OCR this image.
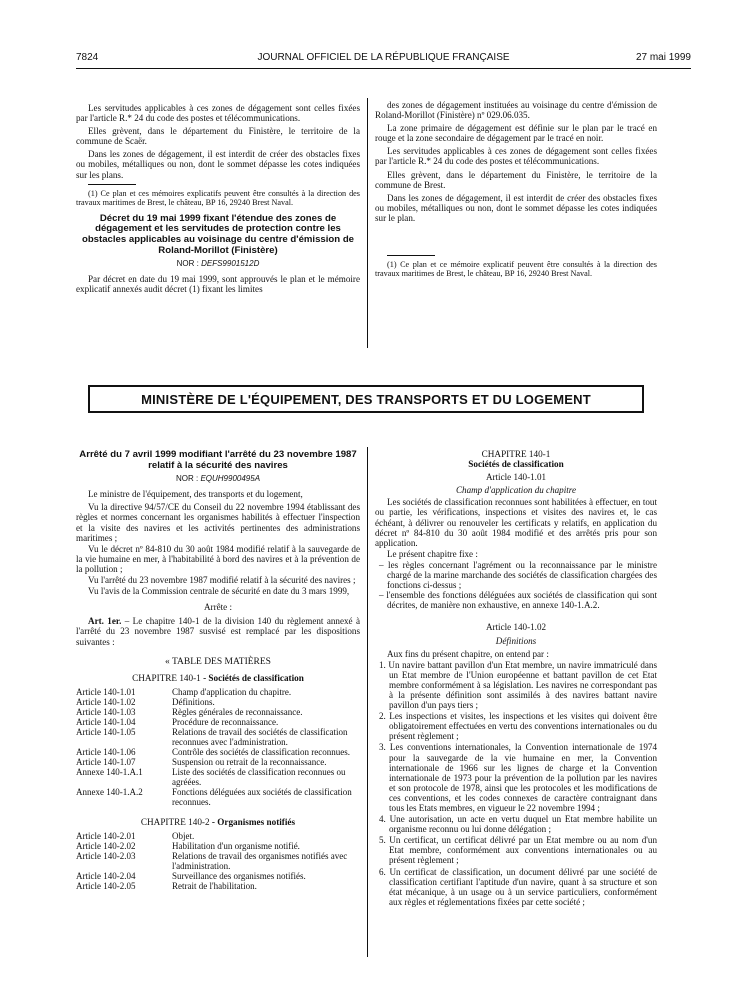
7824	JOURNAL OFFICIEL DE LA RÉPUBLIQUE FRANÇAISE	27 mai 1999

Les servitudes applicables à ces zones de dégagement sont celles fixées par l'article R.* 24 du code des postes et télécommunications.

Elles grèvent, dans le département du Finistère, le territoire de la commune de Scaër.

Dans les zones de dégagement, il est interdit de créer des obstacles fixes ou mobiles, métalliques ou non, dont le sommet dépasse les cotes indiquées sur les plans.

(1) Ce plan et ces mémoires explicatifs peuvent être consultés à la direction des travaux maritimes de Brest, le château, BP 16, 29240 Brest Naval.

Décret du 19 mai 1999 fixant l'étendue des zones de dégagement et les servitudes de protection contre les obstacles applicables au voisinage du centre d'émission de Roland-Morillot (Finistère)
NOR : DEFS9901512D

Par décret en date du 19 mai 1999, sont approuvés le plan et le mémoire explicatif annexés audit décret (1) fixant les limites

des zones de dégagement instituées au voisinage du centre d'émission de Roland-Morillot (Finistère) nº 029.06.035.

La zone primaire de dégagement est définie sur le plan par le tracé en rouge et la zone secondaire de dégagement par le tracé en noir.

Les servitudes applicables à ces zones de dégagement sont celles fixées par l'article R.* 24 du code des postes et télécommunications.

Elles grèvent, dans le département du Finistère, le territoire de la commune de Brest.

Dans les zones de dégagement, il est interdit de créer des obstacles fixes ou mobiles, métalliques ou non, dont le sommet dépasse les cotes indiquées sur le plan.

(1) Ce plan et ce mémoire explicatif peuvent être consultés à la direction des travaux maritimes de Brest, le château, BP 16, 29240 Brest Naval.

MINISTÈRE DE L'ÉQUIPEMENT, DES TRANSPORTS ET DU LOGEMENT
Arrêté du 7 avril 1999 modifiant l'arrêté du 23 novembre 1987 relatif à la sécurité des navires
NOR : EQUH9900495A

Le ministre de l'équipement, des transports et du logement,

Vu la directive 94/57/CE du Conseil du 22 novembre 1994 établissant des règles et normes concernant les organismes habilités à effectuer l'inspection et la visite des navires et les activités pertinentes des administrations maritimes ;

Vu le décret nº 84-810 du 30 août 1984 modifié relatif à la sauvegarde de la vie humaine en mer, à l'habitabilité à bord des navires et à la prévention de la pollution ;

Vu l'arrêté du 23 novembre 1987 modifié relatif à la sécurité des navires ;

Vu l'avis de la Commission centrale de sécurité en date du 3 mars 1999,

Arrête :

Art. 1er. – Le chapitre 140-1 de la division 140 du règlement annexé à l'arrêté du 23 novembre 1987 susvisé est remplacé par les dispositions suivantes :

« TABLE DES MATIÈRES

CHAPITRE 140-1 - Sociétés de classification

Article 140-1.01	Champ d'application du chapitre.
Article 140-1.02	Définitions.
Article 140-1.03	Règles générales de reconnaissance.
Article 140-1.04	Procédure de reconnaissance.
Article 140-1.05	Relations de travail des sociétés de classification reconnues avec l'administration.
Article 140-1.06	Contrôle des sociétés de classification reconnues.
Article 140-1.07	Suspension ou retrait de la reconnaissance.
Annexe 140-1.A.1	Liste des sociétés de classification reconnues ou agréées.
Annexe 140-1.A.2	Fonctions déléguées aux sociétés de classification reconnues.

CHAPITRE 140-2 - Organismes notifiés

Article 140-2.01	Objet.
Article 140-2.02	Habilitation d'un organisme notifié.
Article 140-2.03	Relations de travail des organismes notifiés avec l'administration.
Article 140-2.04	Surveillance des organismes notifiés.
Article 140-2.05	Retrait de l'habilitation.

CHAPITRE 140-1

Sociétés de classification

Article 140-1.01

Champ d'application du chapitre

Les sociétés de classification reconnues sont habilitées à effectuer, en tout ou partie, les vérifications, inspections et visites des navires et, le cas échéant, à délivrer ou renouveler les certificats y relatifs, en application du décret nº 84-810 du 30 août 1984 modifié et des arrêtés pris pour son application.

Le présent chapitre fixe :

– les règles concernant l'agrément ou la reconnaissance par le ministre chargé de la marine marchande des sociétés de classification chargées des fonctions ci-dessus ;
– l'ensemble des fonctions déléguées aux sociétés de classification qui sont décrites, de manière non exhaustive, en annexe 140-1.A.2.

Article 140-1.02

Définitions

Aux fins du présent chapitre, on entend par :

1. Un navire battant pavillon d'un Etat membre, un navire immatriculé dans un Etat membre de l'Union européenne et battant pavillon de cet Etat membre conformément à sa législation. Les navires ne correspondant pas à la présente définition sont assimilés à des navires battant navire pavillon d'un pays tiers ;
2. Les inspections et visites, les inspections et les visites qui doivent être obligatoirement effectuées en vertu des conventions internationales ou du présent règlement ;
3. Les conventions internationales, la Convention internationale de 1974 pour la sauvegarde de la vie humaine en mer, la Convention internationale de 1966 sur les lignes de charge et la Convention internationale de 1973 pour la prévention de la pollution par les navires et son protocole de 1978, ainsi que les protocoles et les modifications de ces conventions, et les codes connexes de caractère contraignant dans tous les Etats membres, en vigueur le 22 novembre 1994 ;
4. Une autorisation, un acte en vertu duquel un Etat membre habilite un organisme reconnu ou lui donne délégation ;
5. Un certificat, un certificat délivré par un Etat membre ou au nom d'un Etat membre, conformément aux conventions internationales ou au présent règlement ;
6. Un certificat de classification, un document délivré par une société de classification certifiant l'aptitude d'un navire, quant à sa structure et son état mécanique, à un usage ou à un service particuliers, conformément aux règles et réglementations fixées par cette société ;
